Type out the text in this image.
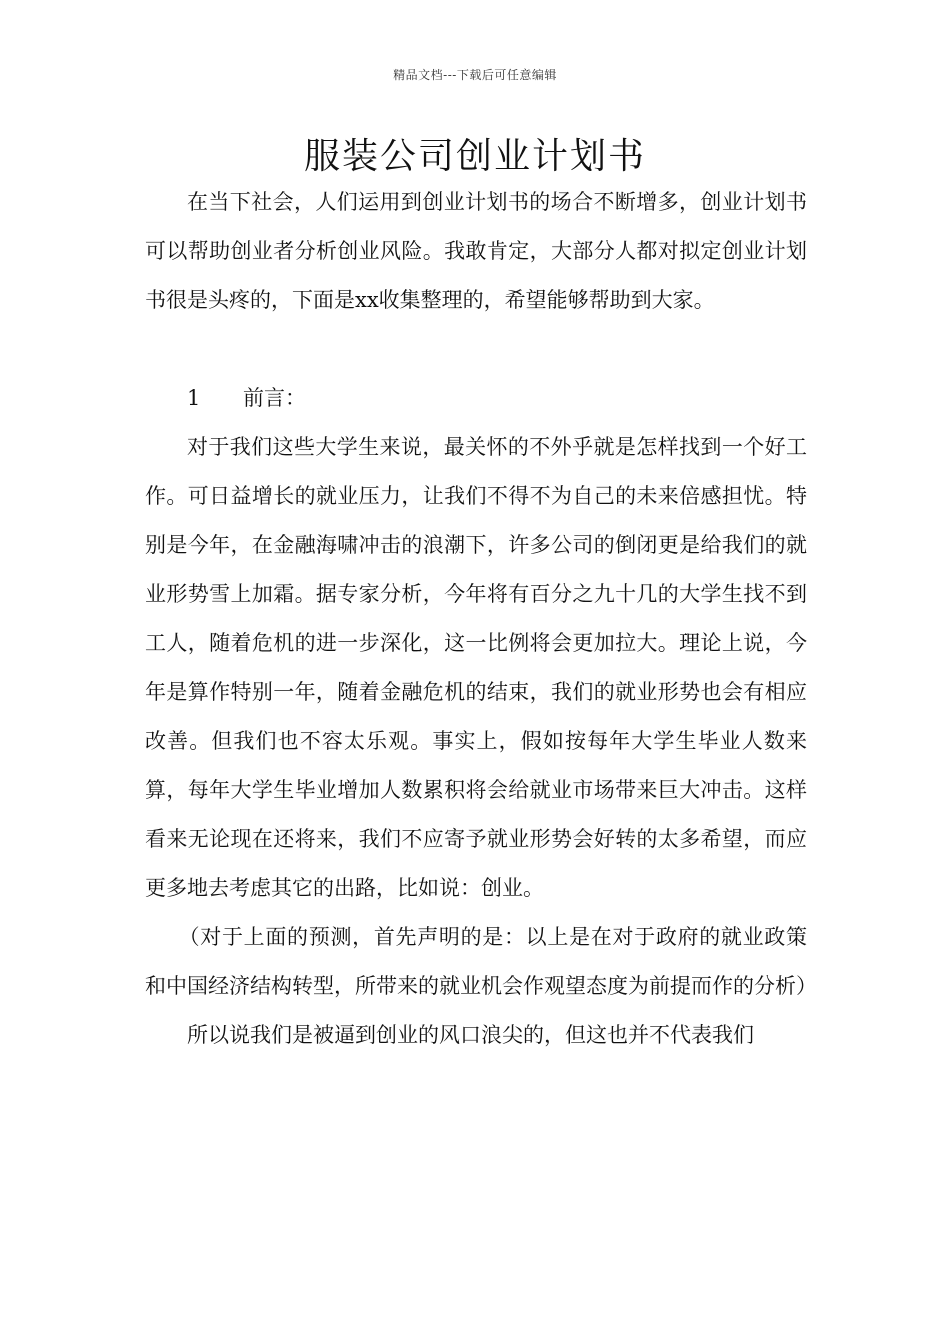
精品文档---下载后可任意编辑
服装公司创业计划书

在当下社会，人们运用到创业计划书的场合不断增多，创业计划书可以帮助创业者分析创业风险。我敢肯定，大部分人都对拟定创业计划书很是头疼的，下面是xx收集整理的，希望能够帮助到大家。

1 前言：

对于我们这些大学生来说，最关怀的不外乎就是怎样找到一个好工作。可日益增长的就业压力，让我们不得不为自己的未来倍感担忧。特别是今年，在金融海啸冲击的浪潮下，许多公司的倒闭更是给我们的就业形势雪上加霜。据专家分析，今年将有百分之九十几的大学生找不到工人，随着危机的进一步深化，这一比例将会更加拉大。理论上说，今年是算作特别一年，随着金融危机的结束，我们的就业形势也会有相应改善。但我们也不容太乐观。事实上，假如按每年大学生毕业人数来算，每年大学生毕业增加人数累积将会给就业市场带来巨大冲击。这样看来无论现在还将来，我们不应寄予就业形势会好转的太多希望，而应更多地去考虑其它的出路，比如说：创业。

（对于上面的预测，首先声明的是：以上是在对于政府的就业政策和中国经济结构转型，所带来的就业机会作观望态度为前提而作的分析）

所以说我们是被逼到创业的风口浪尖的，但这也并不代表我们
